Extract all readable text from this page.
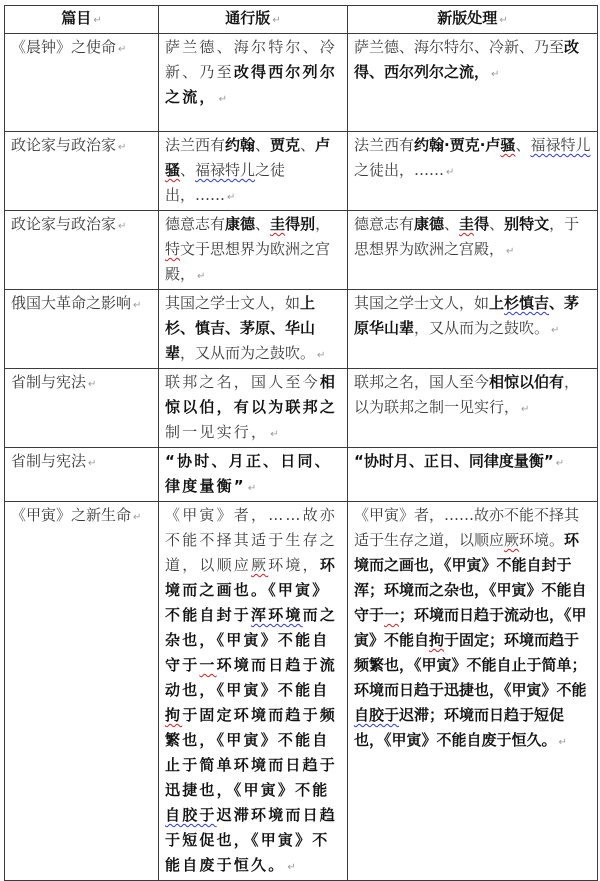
篇目 ↵	通行版 ↵	新版处理 ↵
《晨钟》之使命 ↵	萨兰德、海尔特尔、冷新、乃至改得西尔列尔之流， ↵	萨兰德、海尔特尔、冷新、乃至改得、西尔列尔之流， ↵
政论家与政治家 ↵	法兰西有约翰、贾克、卢骚、福禄特儿之徒出，…… ↵	法兰西有约翰·贾克·卢骚、福禄特儿之徒出，…… ↵
政论家与政治家 ↵	德意志有康德、圭得别，特文于思想界为欧洲之宫殿， ↵	德意志有康德、圭得、别特文，于思想界为欧洲之宫殿， ↵
俄国大革命之影响 ↵	其国之学士文人，如上杉、慎吉、茅原、华山辈，又从而为之鼓吹。 ↵	其国之学士文人，如上杉慎吉、茅原华山辈，又从而为之鼓吹。 ↵
省制与宪法 ↵	联邦之名，国人至今相惊以伯，有以为联邦之制一见实行， ↵	联邦之名，国人至今相惊以伯有，以为联邦之制一见实行， ↵
省制与宪法 ↵	“协时、月正、日同、律度量衡” ↵	“协时月、正日、同律度量衡” ↵
《甲寅》之新生命 ↵	《甲寅》者，……故亦不能不择其适于生存之道，以顺应厥环境，环境而之画也。《甲寅》不能自封于浑环境而之杂也，《甲寅》不能自守于一环境而日趋于流动也，《甲寅》不能自拘于固定环境而趋于频繁也，《甲寅》不能自止于简单环境而日趋于迅捷也，《甲寅》不能自胶于迟滞环境而日趋于短促也，《甲寅》不能自废于恒久。 ↵	《甲寅》者，……故亦不能不择其适于生存之道，以顺应厥环境。环境而之画也，《甲寅》不能自封于浑；环境而之杂也，《甲寅》不能自守于一；环境而日趋于流动也，《甲寅》不能自拘于固定；环境而趋于频繁也，《甲寅》不能自止于简单；环境而日趋于迅捷也，《甲寅》不能自胶于迟滞；环境而日趋于短促也，《甲寅》不能自废于恒久。 ↵
